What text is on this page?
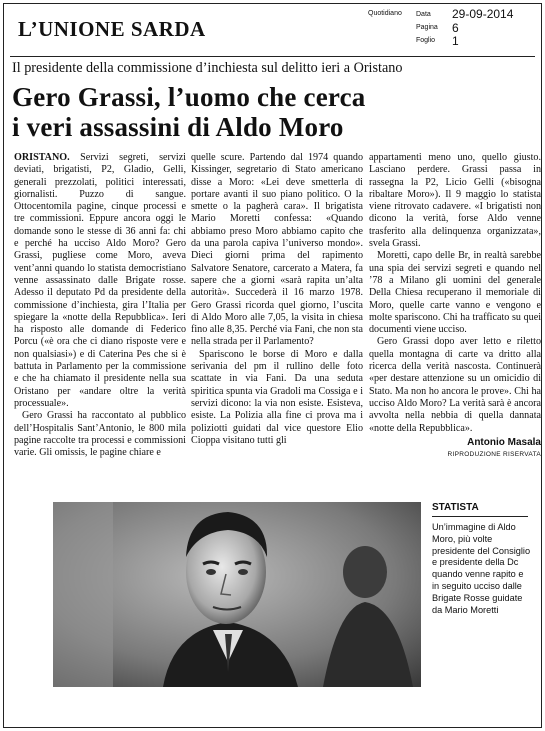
L’UNIONE SARDA
Quotidiano Data 29-09-2014
Pagina 6
Foglio 1
Il presidente della commissione d’inchiesta sul delitto ieri a Oristano
Gero Grassi, l’uomo che cerca
i veri assassini di Aldo Moro

ORISTANO. Servizi segreti, servizi deviati, brigatisti, P2, Gladio, Gelli, generali prezzolati, politici interessati, giornalisti. Puzzo di sangue. Ottocentomila pagine, cinque processi e tre commissioni. Eppure ancora oggi le domande sono le stesse di 36 anni fa: chi e perché ha ucciso Aldo Moro? Gero Grassi, pugliese come Moro, aveva vent’anni quando lo statista democristiano venne assassinato dalle Brigate rosse. Adesso il deputato Pd da presidente della commissione d’inchiesta, gira l’Italia per spiegare la «notte della Repubblica». Ieri ha risposto alle domande di Federico Porcu («è ora che ci diano risposte vere e non qualsiasi») e di Caterina Pes che si è battuta in Parlamento per la commissione e che ha chiamato il presidente nella sua Oristano per «andare oltre la verità processuale».

Gero Grassi ha raccontato al pubblico dell’Hospitalis Sant’Antonio, le 800 mila pagine raccolte tra processi e commissioni varie. Gli omissis, le pagine chiare e

quelle scure. Partendo dal 1974 quando Kissinger, segretario di Stato americano disse a Moro: «Lei deve smetterla di portare avanti il suo piano politico. O la smette o la pagherà cara». Il brigatista Mario Moretti confessa: «Quando abbiamo preso Moro abbiamo capito che da una parola capiva l’universo mondo». Dieci giorni prima del rapimento Salvatore Senatore, carcerato a Matera, fa sapere che a giorni «sarà rapita un’alta autorità». Succederà il 16 marzo 1978. Gero Grassi ricorda quel giorno, l’uscita di Aldo Moro alle 7,05, la visita in chiesa fino alle 8,35. Perché via Fani, che non sta nella strada per il Parlamento?

Spariscono le borse di Moro e dalla serivania del pm il rullino delle foto scattate in via Fani. Da una seduta spiritica spunta via Gradoli ma Cossiga e i servizi dicono: la via non esiste. Esisteva, esiste. La Polizia alla fine ci prova ma i poliziotti guidati dal vice questore Elio Cioppa visitano tutti gli

appartamenti meno uno, quello giusto. Lasciano perdere. Grassi passa in rassegna la P2, Licio Gelli («bisogna ribaltare Moro»). Il 9 maggio lo statista viene ritrovato cadavere. «I brigatisti non dicono la verità, forse Aldo venne trasferito alla delinquenza organizzata», svela Grassi.

Moretti, capo delle Br, in realtà sarebbe una spia dei servizi segreti e quando nel ’78 a Milano gli uomini del generale Della Chiesa recuperano il memoriale di Moro, quelle carte vanno e vengono e molte spariscono. Chi ha trafficato su quei documenti viene ucciso.

Gero Grassi dopo aver letto e riletto quella montagna di carte va dritto alla ricerca della verità nascosta. Continuerà «per destare attenzione su un omicidio di Stato. Ma non ho ancora le prove». Chi ha ucciso Aldo Moro? La verità sarà è ancora avvolta nella nebbia di quella dannata «notte della Repubblica».

Antonio Masala
RIPRODUZIONE RISERVATA
STATISTA
Un’immagine di Aldo Moro, più volte presidente del Consiglio e presidente della Dc quando venne rapito e in seguito ucciso dalle Brigate Rosse guidate da Mario Moretti
